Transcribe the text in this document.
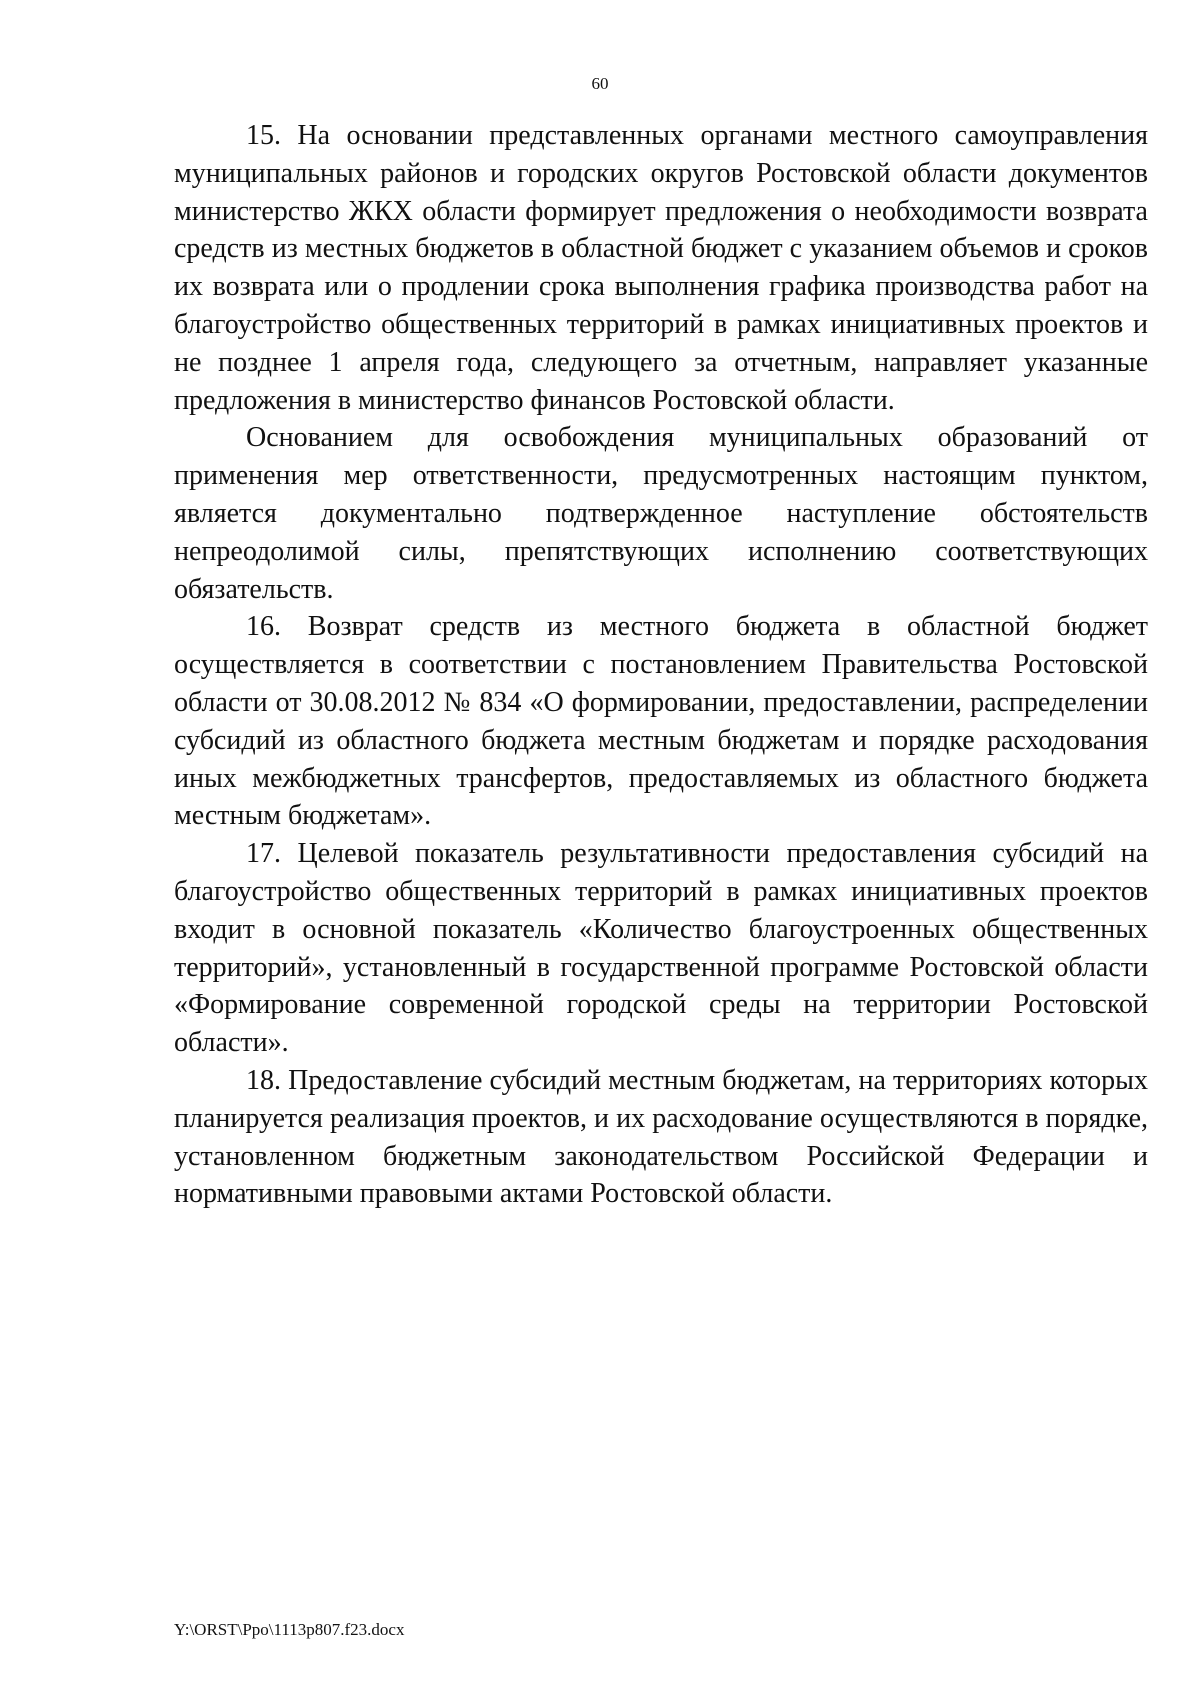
60

15. На основании представленных органами местного самоуправления муниципальных районов и городских округов Ростовской области документов министерство ЖКХ области формирует предложения о необходимости возврата средств из местных бюджетов в областной бюджет с указанием объемов и сроков их возврата или о продлении срока выполнения графика производства работ на благоустройство общественных территорий в рамках инициативных проектов и не позднее 1 апреля года, следующего за отчетным, направляет указанные предложения в министерство финансов Ростовской области.

Основанием для освобождения муниципальных образований от применения мер ответственности, предусмотренных настоящим пунктом, является документально подтвержденное наступление обстоятельств непреодолимой силы, препятствующих исполнению соответствующих обязательств.

16. Возврат средств из местного бюджета в областной бюджет осуществляется в соответствии с постановлением Правительства Ростовской области от 30.08.2012 № 834 «О формировании, предоставлении, распределении субсидий из областного бюджета местным бюджетам и порядке расходования иных межбюджетных трансфертов, предоставляемых из областного бюджета местным бюджетам».

17. Целевой показатель результативности предоставления субсидий на благоустройство общественных территорий в рамках инициативных проектов входит в основной показатель «Количество благоустроенных общественных территорий», установленный в государственной программе Ростовской области «Формирование современной городской среды на территории Ростовской области».

18. Предоставление субсидий местным бюджетам, на территориях которых планируется реализация проектов, и их расходование осуществляются в порядке, установленном бюджетным законодательством Российской Федерации и нормативными правовыми актами Ростовской области.

Y:\ORST\Ppo\1113p807.f23.docx
